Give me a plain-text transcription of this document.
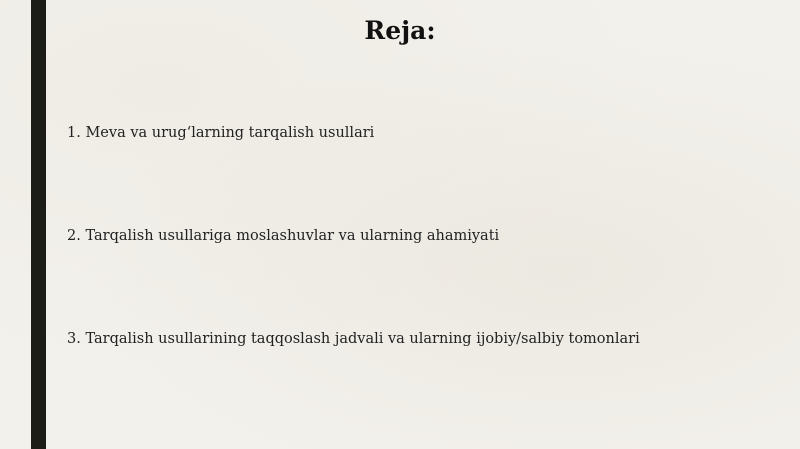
Reja:
1. Meva va urug‘larning tarqalish usullari
2. Tarqalish usullariga moslashuvlar va ularning ahamiyati
3. Tarqalish usullarining taqqoslash jadvali va ularning ijobiy/salbiy tomonlari
